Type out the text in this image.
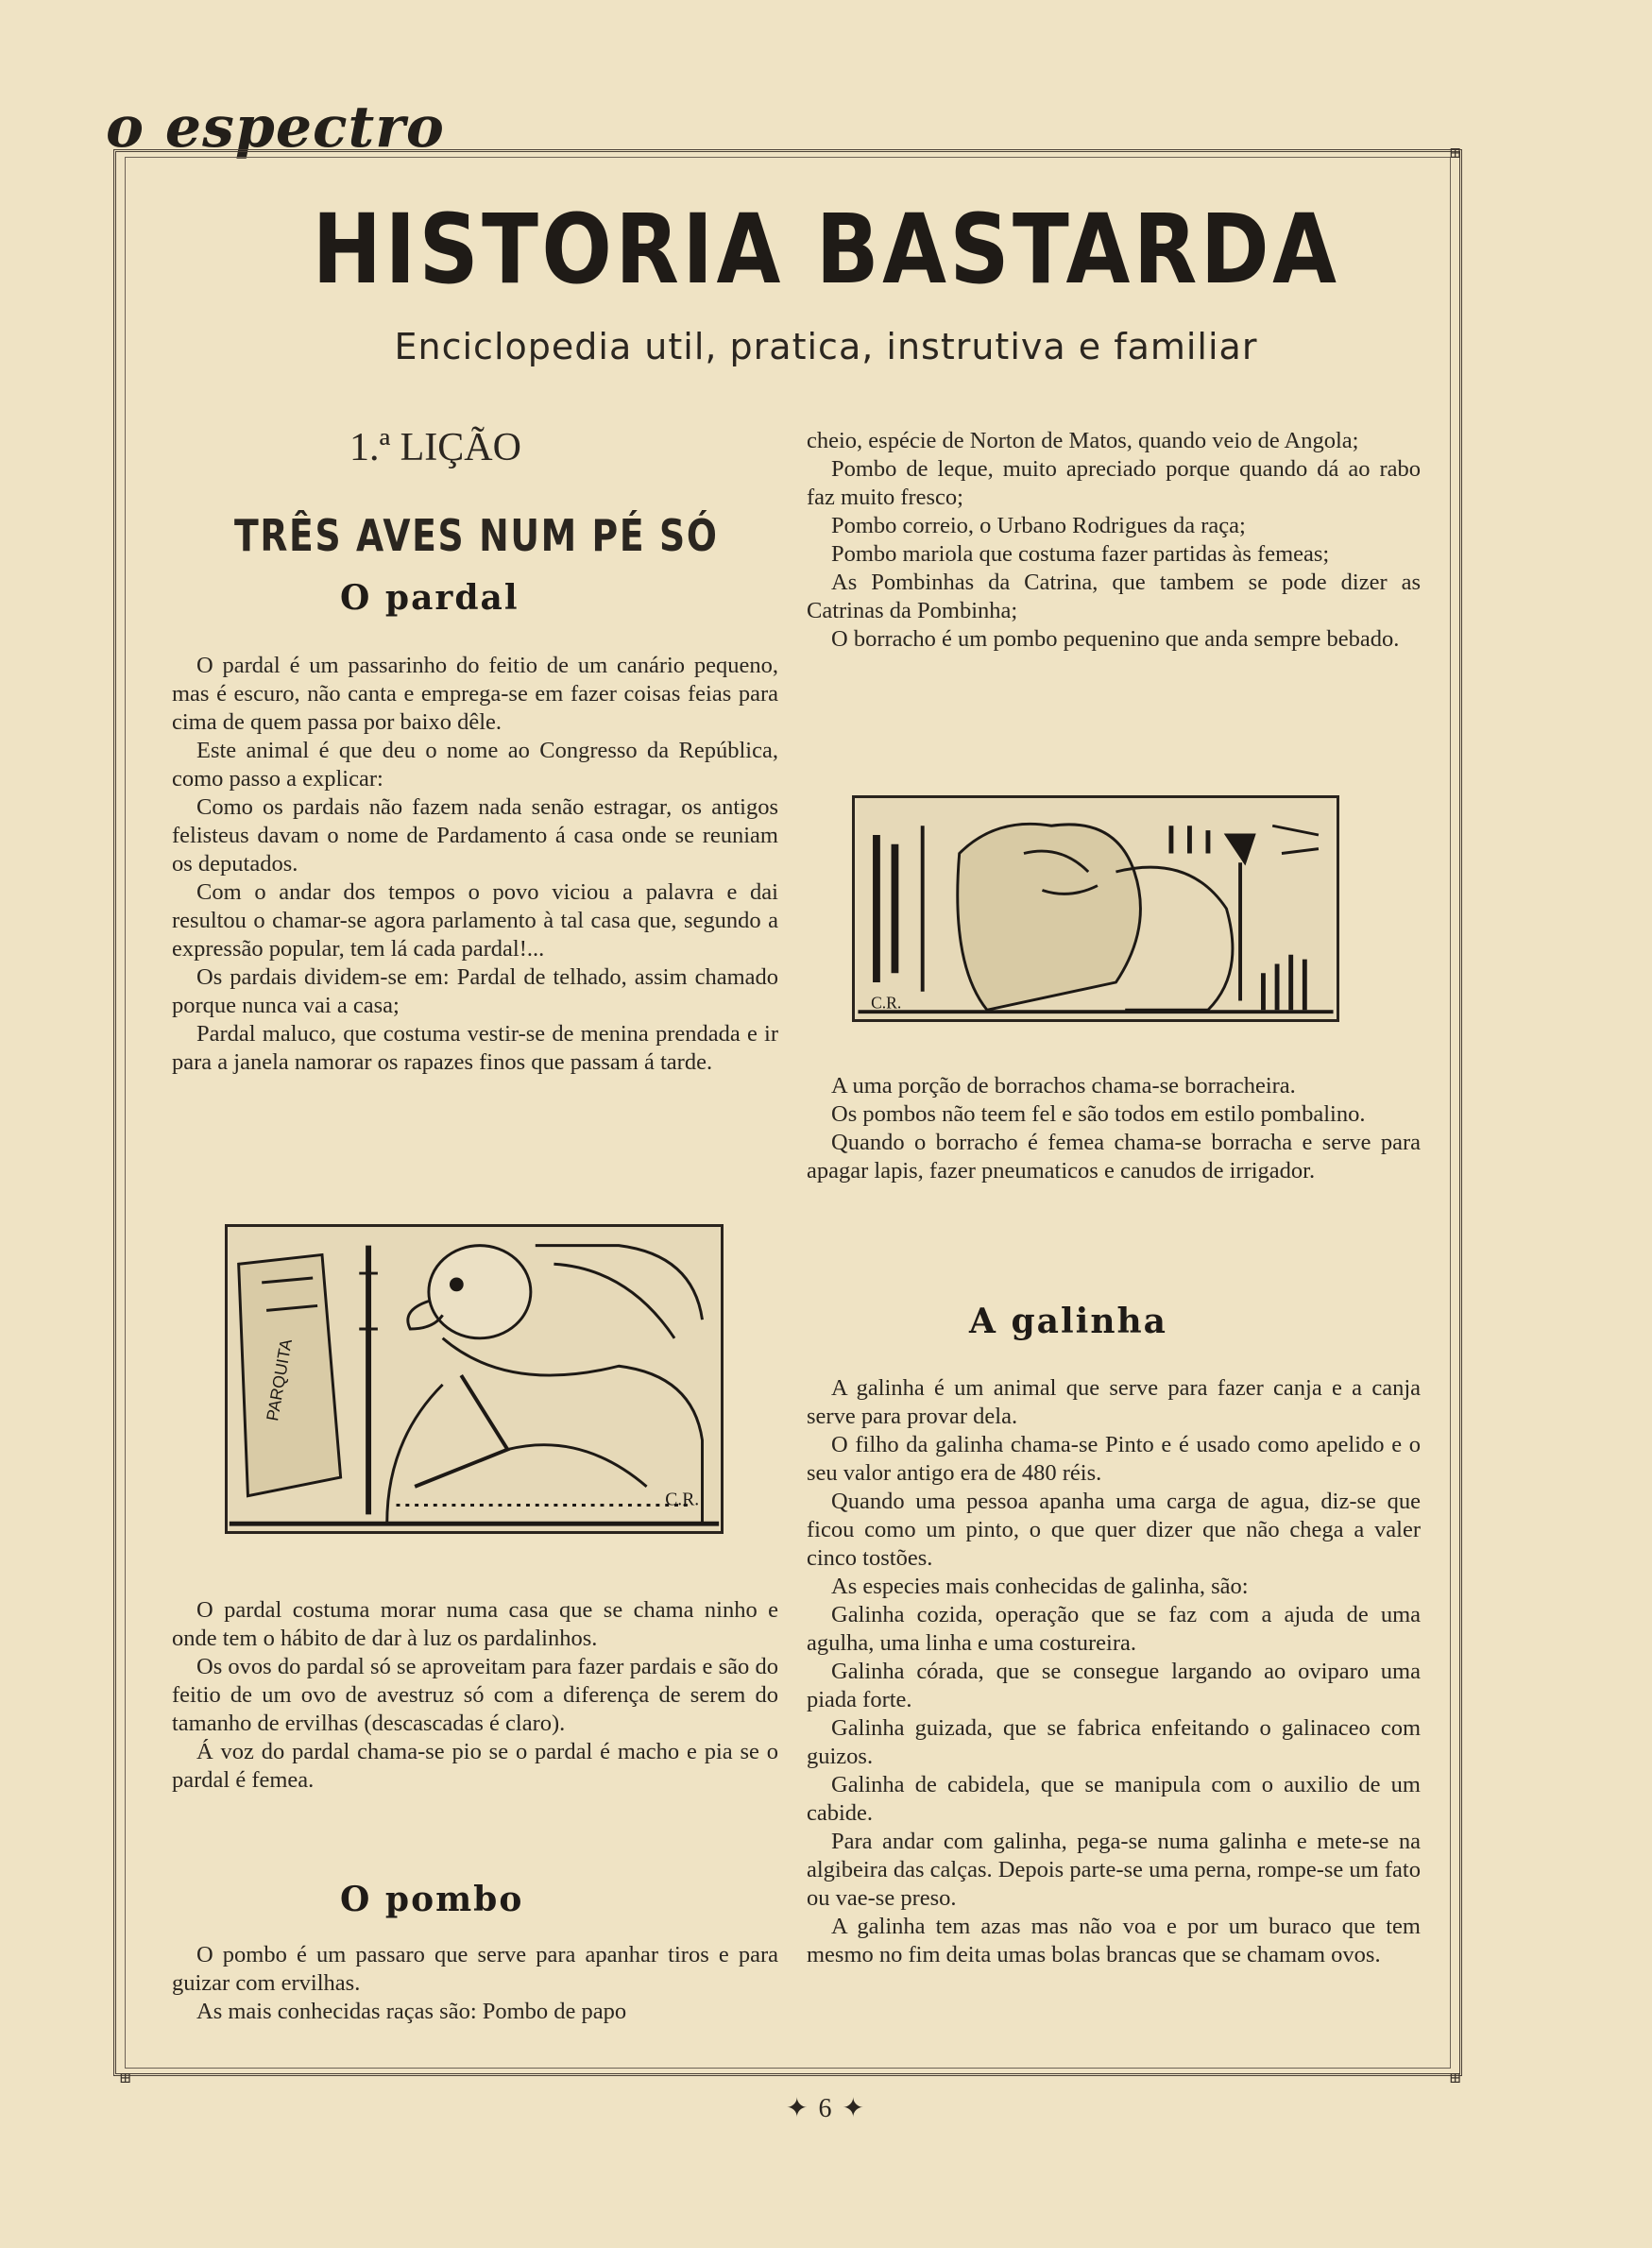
o espectro	⊞
⊞	⊞
HISTORIA BASTARDA
Enciclopedia util, pratica, instrutiva e familiar
1.ª LIÇÃO
TRÊS AVES NUM PÉ SÓ
O pardal

O pardal é um passarinho do feitio de um canário pequeno, mas é escuro, não canta e emprega-se em fazer coisas feias para cima de quem passa por baixo dêle.

Este animal é que deu o nome ao Congresso da República, como passo a explicar:

Como os pardais não fazem nada senão estragar, os antigos felisteus davam o nome de Pardamento á casa onde se reuniam os deputados.

Com o andar dos tempos o povo viciou a palavra e dai resultou o chamar-se agora parlamento à tal casa que, segundo a expressão popular, tem lá cada pardal!...

Os pardais dividem-se em: Pardal de telhado, assim chamado porque nunca vai a casa;

Pardal maluco, que costuma vestir-se de menina prendada e ir para a janela namorar os rapazes finos que passam á tarde.

PARQUITA
C.R.

O pardal costuma morar numa casa que se chama ninho e onde tem o hábito de dar à luz os pardalinhos.

Os ovos do pardal só se aproveitam para fazer pardais e são do feitio de um ovo de avestruz só com a diferença de serem do tamanho de ervilhas (descascadas é claro).

Á voz do pardal chama-se pio se o pardal é macho e pia se o pardal é femea.

O pombo

O pombo é um passaro que serve para apanhar tiros e para guizar com ervilhas.

As mais conhecidas raças são: Pombo de papo

cheio, espécie de Norton de Matos, quando veio de Angola;

Pombo de leque, muito apreciado porque quando dá ao rabo faz muito fresco;

Pombo correio, o Urbano Rodrigues da raça;

Pombo mariola que costuma fazer partidas às femeas;

As Pombinhas da Catrina, que tambem se pode dizer as Catrinas da Pombinha;

O borracho é um pombo pequenino que anda sempre bebado.

C.R.

A uma porção de borrachos chama-se borracheira.

Os pombos não teem fel e são todos em estilo pombalino.

Quando o borracho é femea chama-se borracha e serve para apagar lapis, fazer pneumaticos e canudos de irrigador.

A galinha

A galinha é um animal que serve para fazer canja e a canja serve para provar dela.

O filho da galinha chama-se Pinto e é usado como apelido e o seu valor antigo era de 480 réis.

Quando uma pessoa apanha uma carga de agua, diz-se que ficou como um pinto, o que quer dizer que não chega a valer cinco tostões.

As especies mais conhecidas de galinha, são:

Galinha cozida, operação que se faz com a ajuda de uma agulha, uma linha e uma costureira.

Galinha córada, que se consegue largando ao oviparo uma piada forte.

Galinha guizada, que se fabrica enfeitando o galinaceo com guizos.

Galinha de cabidela, que se manipula com o auxilio de um cabide.

Para andar com galinha, pega-se numa galinha e mete-se na algibeira das calças. Depois parte-se uma perna, rompe-se um fato ou vae-se preso.

A galinha tem azas mas não voa e por um buraco que tem mesmo no fim deita umas bolas brancas que se chamam ovos.

✦ 6 ✦
